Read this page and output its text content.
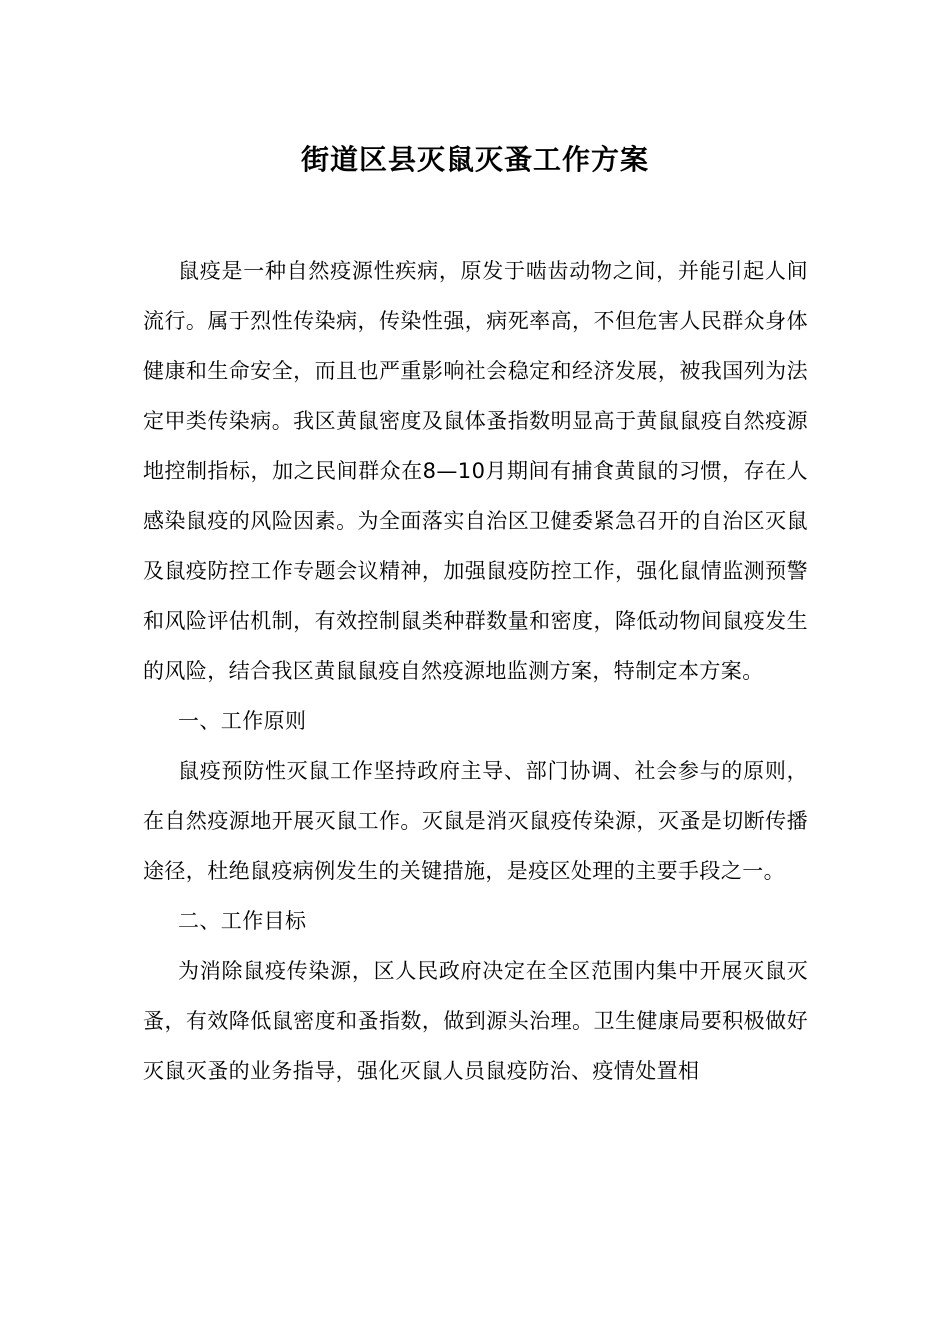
街道区县灭鼠灭蚤工作方案

鼠疫是一种自然疫源性疾病，原发于啮齿动物之间，并能引起人间流行。属于烈性传染病，传染性强，病死率高，不但危害人民群众身体健康和生命安全，而且也严重影响社会稳定和经济发展，被我国列为法定甲类传染病。我区黄鼠密度及鼠体蚤指数明显高于黄鼠鼠疫自然疫源地控制指标，加之民间群众在8—10月期间有捕食黄鼠的习惯，存在人感染鼠疫的风险因素。为全面落实自治区卫健委紧急召开的自治区灭鼠及鼠疫防控工作专题会议精神，加强鼠疫防控工作，强化鼠情监测预警和风险评估机制，有效控制鼠类种群数量和密度，降低动物间鼠疫发生的风险，结合我区黄鼠鼠疫自然疫源地监测方案，特制定本方案。

一、工作原则

鼠疫预防性灭鼠工作坚持政府主导、部门协调、社会参与的原则，在自然疫源地开展灭鼠工作。灭鼠是消灭鼠疫传染源，灭蚤是切断传播途径，杜绝鼠疫病例发生的关键措施，是疫区处理的主要手段之一。

二、工作目标

为消除鼠疫传染源，区人民政府决定在全区范围内集中开展灭鼠灭蚤，有效降低鼠密度和蚤指数，做到源头治理。卫生健康局要积极做好灭鼠灭蚤的业务指导，强化灭鼠人员鼠疫防治、疫情处置相
